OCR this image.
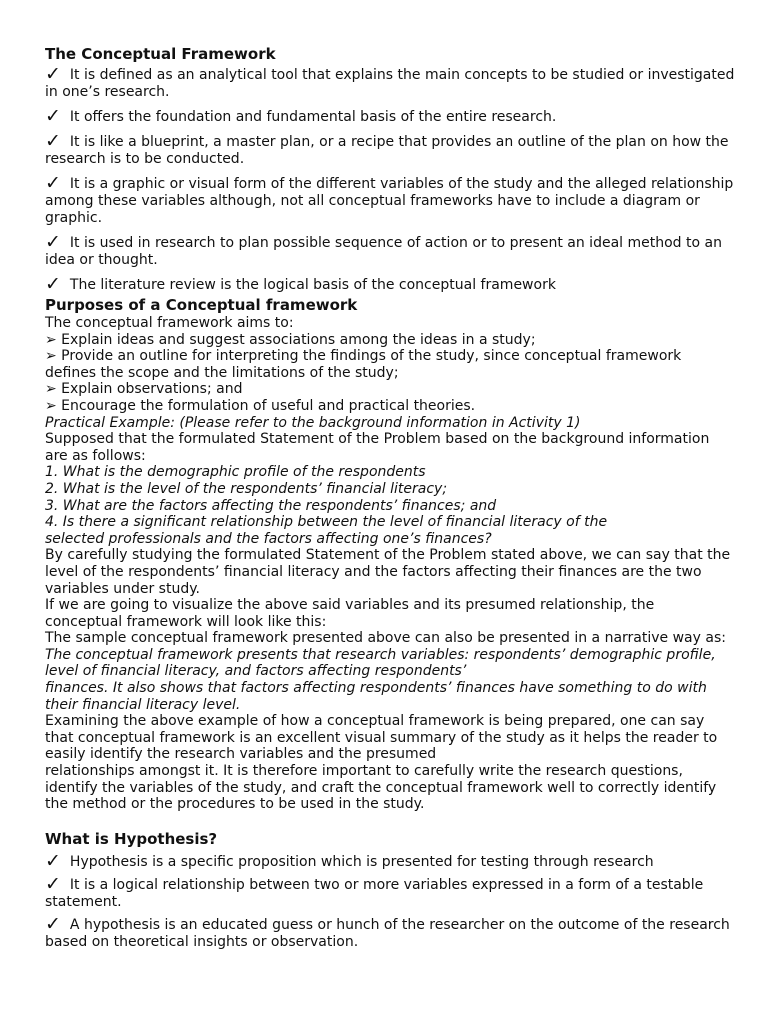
The Conceptual Framework
✓ It is defined as an analytical tool that explains the main concepts to be studied or investigated in one’s research.
✓ It offers the foundation and fundamental basis of the entire research.
✓ It is like a blueprint, a master plan, or a recipe that provides an outline of the plan on how the research is to be conducted.
✓ It is a graphic or visual form of the different variables of the study and the alleged relationship among these variables although, not all conceptual frameworks have to include a diagram or graphic.
✓ It is used in research to plan possible sequence of action or to present an ideal method to an idea or thought.
✓ The literature review is the logical basis of the conceptual framework
Purposes of a Conceptual framework
The conceptual framework aims to:
➢ Explain ideas and suggest associations among the ideas in a study;
➢ Provide an outline for interpreting the findings of the study, since conceptual framework defines the scope and the limitations of the study;
➢ Explain observations; and
➢ Encourage the formulation of useful and practical theories.
Practical Example: (Please refer to the background information in Activity 1)
Supposed that the formulated Statement of the Problem based on the background information are as follows:
1. What is the demographic profile of the respondents
2. What is the level of the respondents’ financial literacy;
3. What are the factors affecting the respondents’ finances; and
4. Is there a significant relationship between the level of financial literacy of the
selected professionals and the factors affecting one’s finances?
By carefully studying the formulated Statement of the Problem stated above, we can say that the level of the respondents’ financial literacy and the factors affecting their finances are the two variables under study.
If we are going to visualize the above said variables and its presumed relationship, the conceptual framework will look like this:
The sample conceptual framework presented above can also be presented in a narrative way as:
The conceptual framework presents that research variables: respondents’ demographic profile, level of financial literacy, and factors affecting respondents’
finances. It also shows that factors affecting respondents’ finances have something to do with their financial literacy level.
Examining the above example of how a conceptual framework is being prepared, one can say that conceptual framework is an excellent visual summary of the study as it helps the reader to easily identify the research variables and the presumed
relationships amongst it. It is therefore important to carefully write the research questions, identify the variables of the study, and craft the conceptual framework well to correctly identify the method or the procedures to be used in the study.
What is Hypothesis?
✓ Hypothesis is a specific proposition which is presented for testing through research
✓ It is a logical relationship between two or more variables expressed in a form of a testable statement.
✓ A hypothesis is an educated guess or hunch of the researcher on the outcome of the research based on theoretical insights or observation.
